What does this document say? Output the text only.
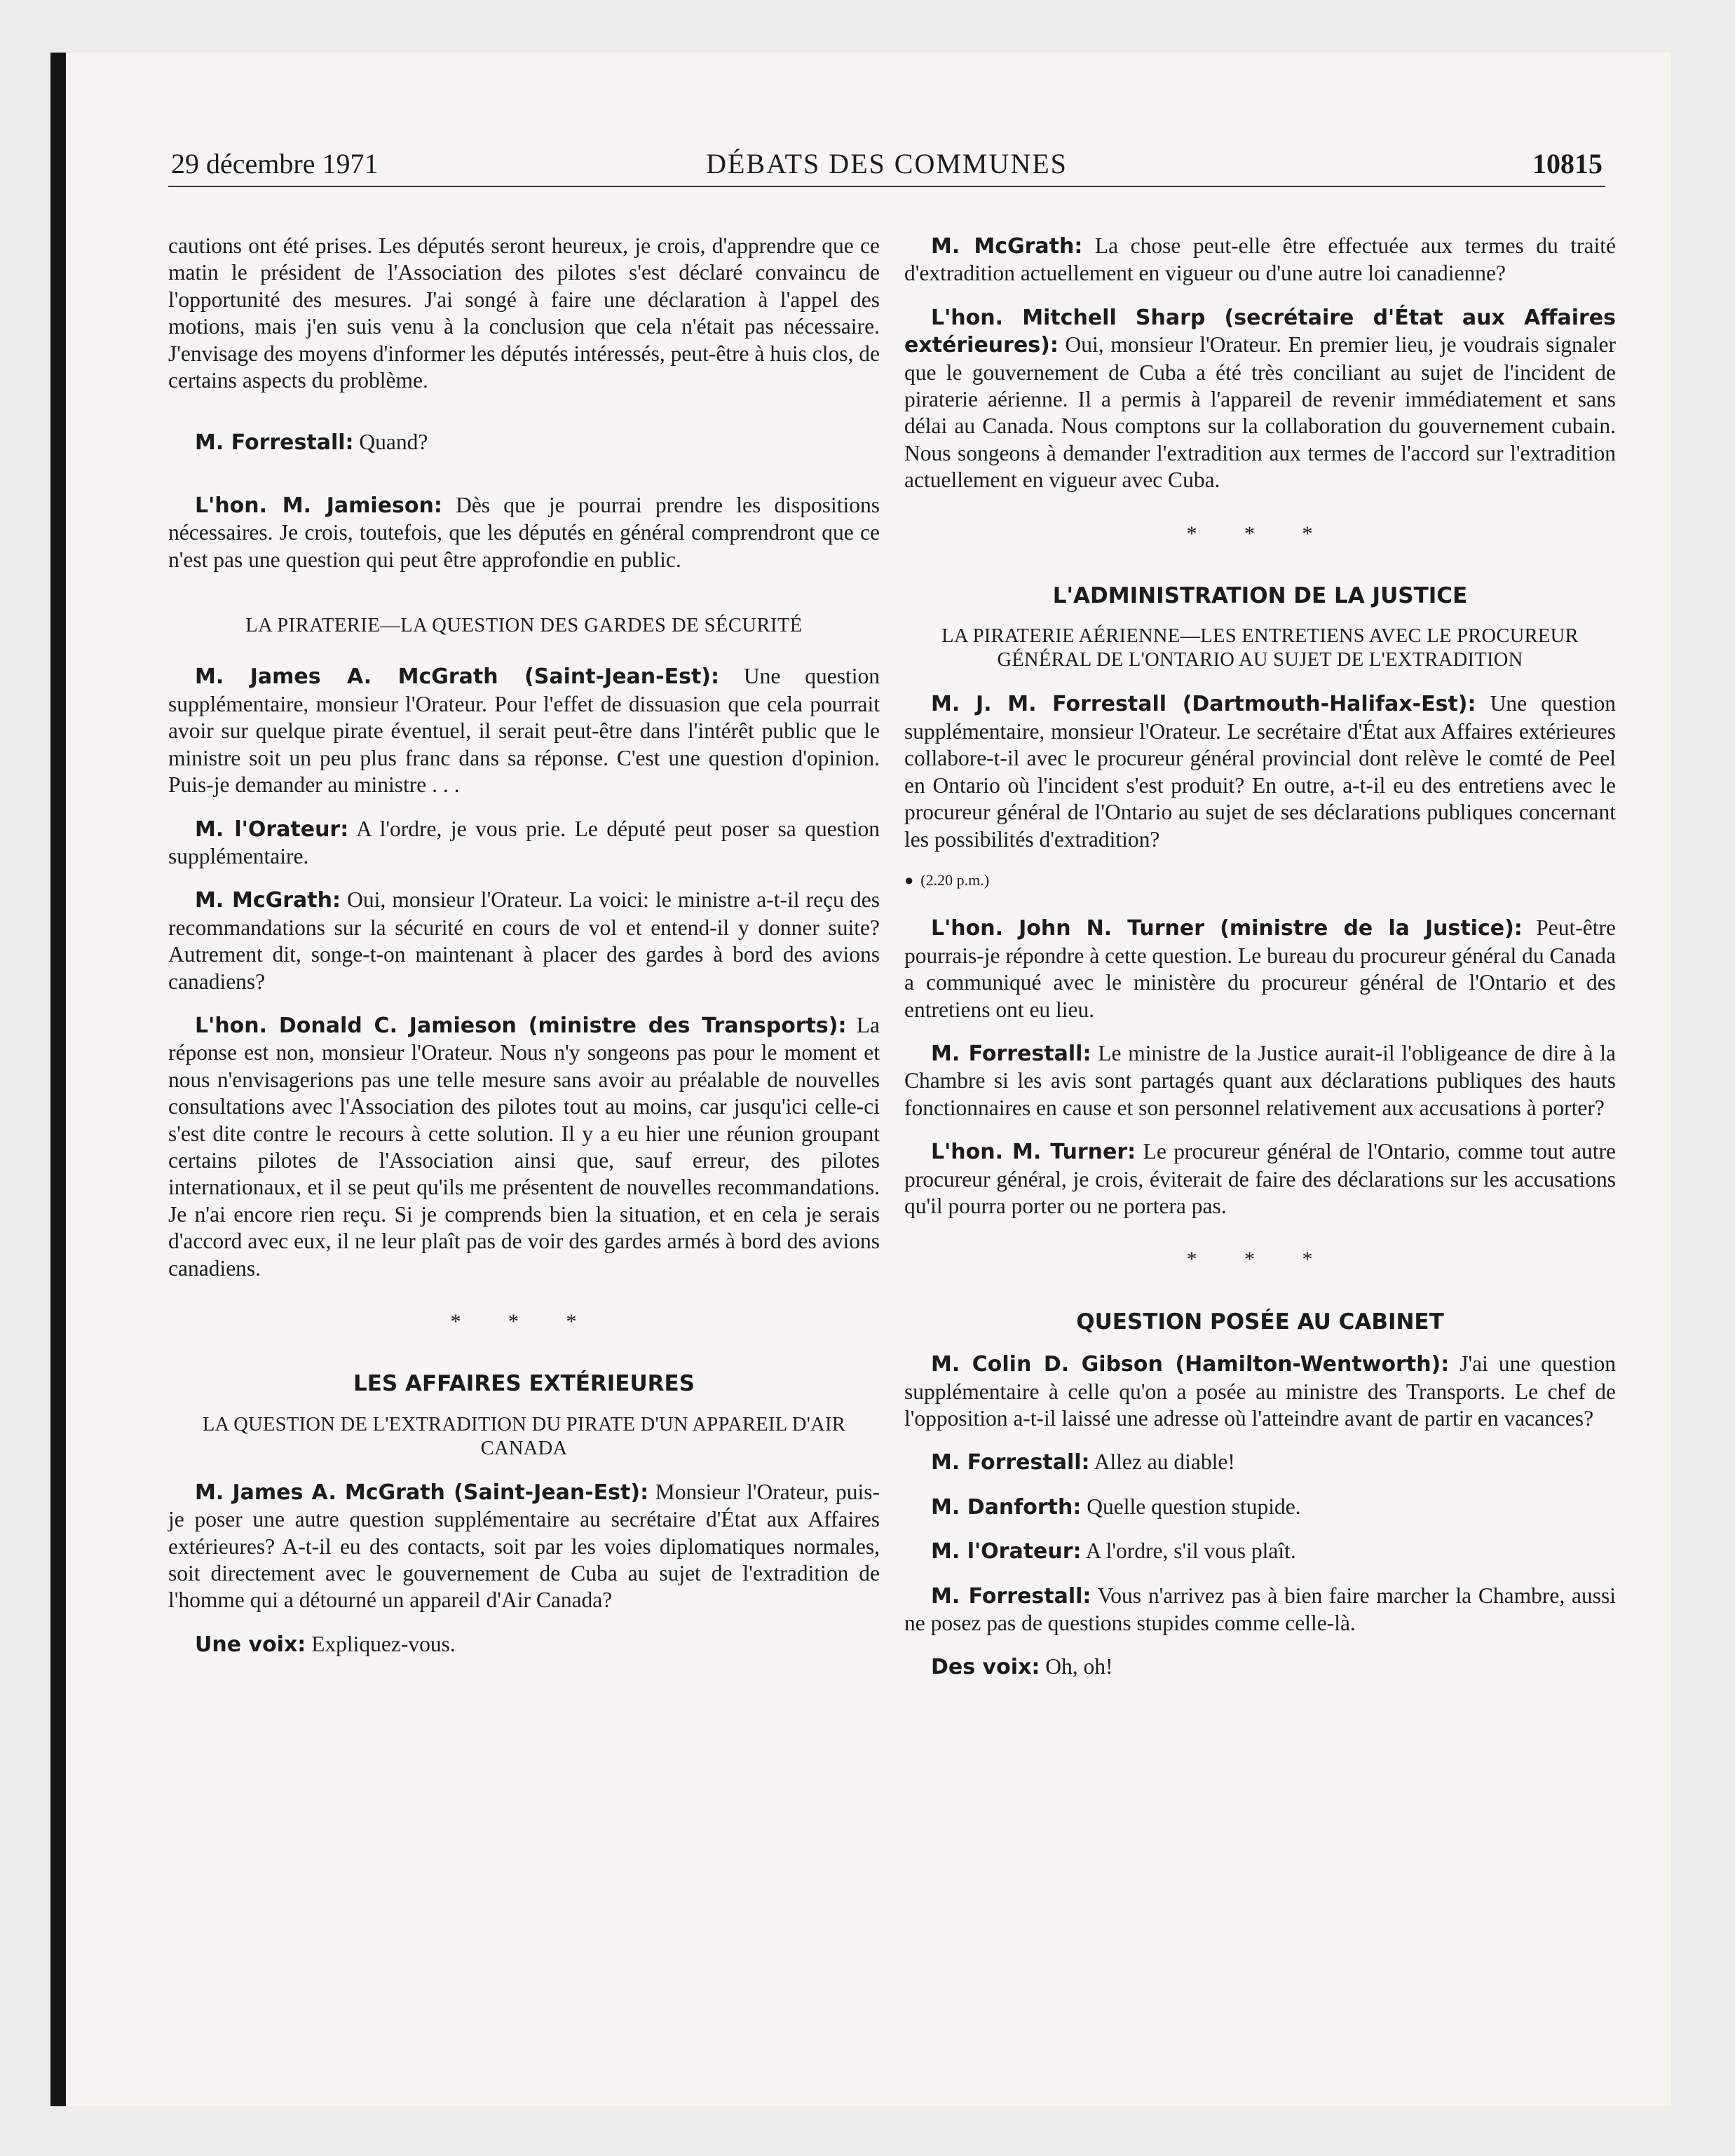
29 décembre 1971	DÉBATS DES COMMUNES	10815

cautions ont été prises. Les députés seront heureux, je crois, d'apprendre que ce matin le président de l'Association des pilotes s'est déclaré convaincu de l'opportunité des mesures. J'ai songé à faire une déclaration à l'appel des motions, mais j'en suis venu à la conclusion que cela n'était pas nécessaire. J'envisage des moyens d'informer les députés intéressés, peut-être à huis clos, de certains aspects du problème.

M. Forrestall: Quand?

L'hon. M. Jamieson: Dès que je pourrai prendre les dispositions nécessaires. Je crois, toutefois, que les députés en général comprendront que ce n'est pas une question qui peut être approfondie en public.

LA PIRATERIE—LA QUESTION DES GARDES DE SÉCURITÉ

M. James A. McGrath (Saint-Jean-Est): Une question supplémentaire, monsieur l'Orateur. Pour l'effet de dissuasion que cela pourrait avoir sur quelque pirate éventuel, il serait peut-être dans l'intérêt public que le ministre soit un peu plus franc dans sa réponse. C'est une question d'opinion. Puis-je demander au ministre . . .

M. l'Orateur: A l'ordre, je vous prie. Le député peut poser sa question supplémentaire.

M. McGrath: Oui, monsieur l'Orateur. La voici: le ministre a-t-il reçu des recommandations sur la sécurité en cours de vol et entend-il y donner suite? Autrement dit, songe-t-on maintenant à placer des gardes à bord des avions canadiens?

L'hon. Donald C. Jamieson (ministre des Transports): La réponse est non, monsieur l'Orateur. Nous n'y songeons pas pour le moment et nous n'envisagerions pas une telle mesure sans avoir au préalable de nouvelles consultations avec l'Association des pilotes tout au moins, car jusqu'ici celle-ci s'est dite contre le recours à cette solution. Il y a eu hier une réunion groupant certains pilotes de l'Association ainsi que, sauf erreur, des pilotes internationaux, et il se peut qu'ils me présentent de nouvelles recommandations. Je n'ai encore rien reçu. Si je comprends bien la situation, et en cela je serais d'accord avec eux, il ne leur plaît pas de voir des gardes armés à bord des avions canadiens.

* * *
LES AFFAIRES EXTÉRIEURES
LA QUESTION DE L'EXTRADITION DU PIRATE D'UN APPAREIL D'AIR CANADA

M. James A. McGrath (Saint-Jean-Est): Monsieur l'Orateur, puis-je poser une autre question supplémentaire au secrétaire d'État aux Affaires extérieures? A-t-il eu des contacts, soit par les voies diplomatiques normales, soit directement avec le gouvernement de Cuba au sujet de l'extradition de l'homme qui a détourné un appareil d'Air Canada?

Une voix: Expliquez-vous.

M. McGrath: La chose peut-elle être effectuée aux termes du traité d'extradition actuellement en vigueur ou d'une autre loi canadienne?

L'hon. Mitchell Sharp (secrétaire d'État aux Affaires extérieures): Oui, monsieur l'Orateur. En premier lieu, je voudrais signaler que le gouvernement de Cuba a été très conciliant au sujet de l'incident de piraterie aérienne. Il a permis à l'appareil de revenir immédiatement et sans délai au Canada. Nous comptons sur la collaboration du gouvernement cubain. Nous songeons à demander l'extradition aux termes de l'accord sur l'extradition actuellement en vigueur avec Cuba.

* * *
L'ADMINISTRATION DE LA JUSTICE
LA PIRATERIE AÉRIENNE—LES ENTRETIENS AVEC LE PROCUREUR GÉNÉRAL DE L'ONTARIO AU SUJET DE L'EXTRADITION

M. J. M. Forrestall (Dartmouth-Halifax-Est): Une question supplémentaire, monsieur l'Orateur. Le secrétaire d'État aux Affaires extérieures collabore-t-il avec le procureur général provincial dont relève le comté de Peel en Ontario où l'incident s'est produit? En outre, a-t-il eu des entretiens avec le procureur général de l'Ontario au sujet de ses déclarations publiques concernant les possibilités d'extradition?

● (2.20 p.m.)

L'hon. John N. Turner (ministre de la Justice): Peut-être pourrais-je répondre à cette question. Le bureau du procureur général du Canada a communiqué avec le ministère du procureur général de l'Ontario et des entretiens ont eu lieu.

M. Forrestall: Le ministre de la Justice aurait-il l'obligeance de dire à la Chambre si les avis sont partagés quant aux déclarations publiques des hauts fonctionnaires en cause et son personnel relativement aux accusations à porter?

L'hon. M. Turner: Le procureur général de l'Ontario, comme tout autre procureur général, je crois, éviterait de faire des déclarations sur les accusations qu'il pourra porter ou ne portera pas.

* * *
QUESTION POSÉE AU CABINET

M. Colin D. Gibson (Hamilton-Wentworth): J'ai une question supplémentaire à celle qu'on a posée au ministre des Transports. Le chef de l'opposition a-t-il laissé une adresse où l'atteindre avant de partir en vacances?

M. Forrestall: Allez au diable!

M. Danforth: Quelle question stupide.

M. l'Orateur: A l'ordre, s'il vous plaît.

M. Forrestall: Vous n'arrivez pas à bien faire marcher la Chambre, aussi ne posez pas de questions stupides comme celle-là.

Des voix: Oh, oh!
